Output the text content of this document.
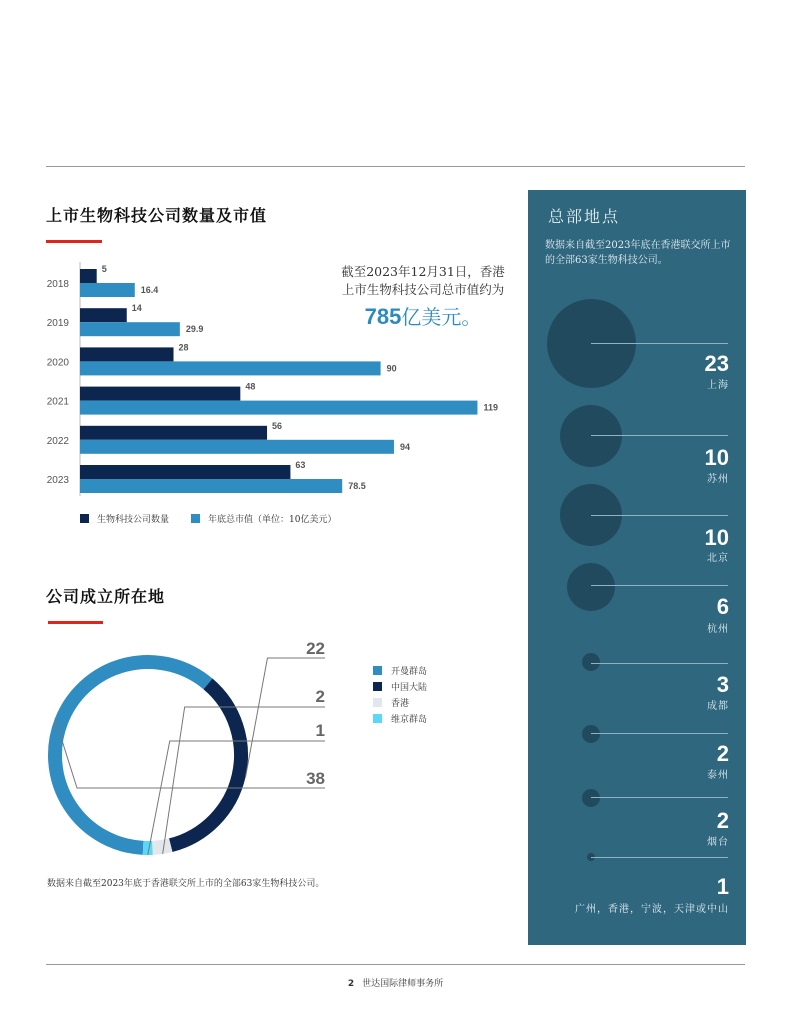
上市生物科技公司数量及市值
2018
5
16.4
2019
14
29.9
2020
28
90
2021
48
119
2022
56
94
2023
63
78.5
生物科技公司数量	年底总市值（单位：10亿美元）
截至2023年12月31日，香港
上市生物科技公司总市值约为
785亿美元。
公司成立所在地
38
22
2
1
开曼群岛
中国大陆
香港
维京群岛
数据来自截至2023年底于香港联交所上市的全部63家生物科技公司。
总部地点
数据来自截至2023年底在香港联交所上市的全部63家生物科技公司。
23
上海
10
苏州
10
北京
6
杭州
3
成都
2
泰州
2
烟台
1
广州，香港，宁波，天津或中山
2 世达国际律师事务所
